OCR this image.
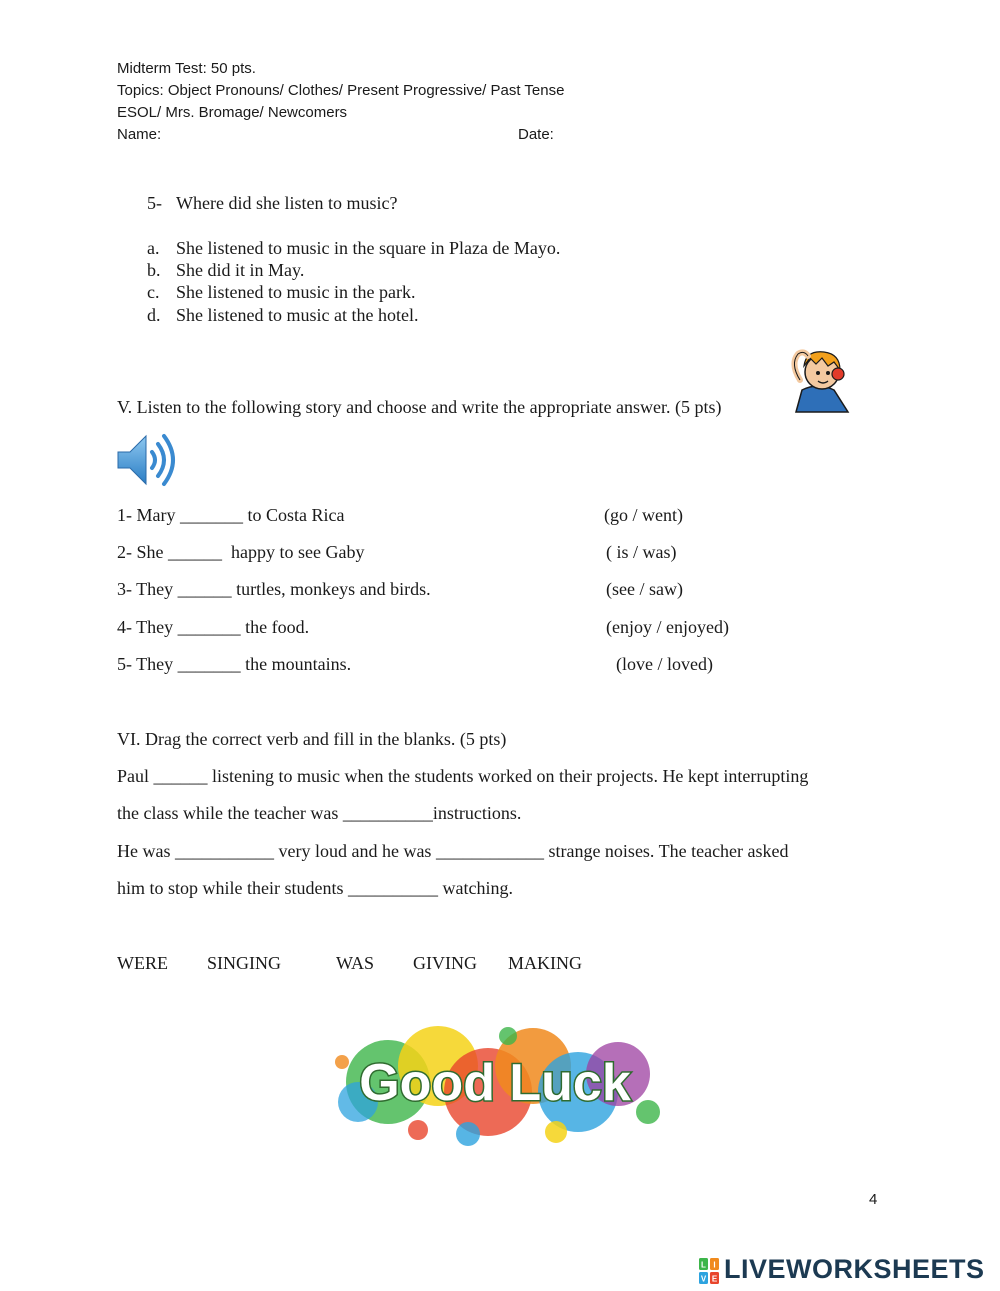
Midterm Test: 50 pts.
Topics: Object Pronouns/ Clothes/ Present Progressive/ Past Tense
ESOL/ Mrs. Bromage/ Newcomers
Name:	Date:
5- Where did she listen to music?
a. She listened to music in the square in Plaza de Mayo.
b. She did it in May.
c. She listened to music in the park.
d. She listened to music at the hotel.
V. Listen to the following story and choose and write the appropriate answer. (5 pts)
1- Mary _______ to Costa Rica	(go / went)
2- She ______ happy to see Gaby	( is / was)
3- They ______ turtles, monkeys and birds.	(see / saw)
4- They _______ the food.	(enjoy / enjoyed)
5- They _______ the mountains.	(love / loved)
VI. Drag the correct verb and fill in the blanks. (5 pts)
Paul ______ listening to music when the students worked on their projects. He kept interrupting
the class while the teacher was __________instructions.
He was ___________ very loud and he was ____________ strange noises. The teacher asked
him to stop while their students __________ watching.
WERE SINGING	WAS GIVING MAKING
Good Luck
4
L I
V E LIVEWORKSHEETS
